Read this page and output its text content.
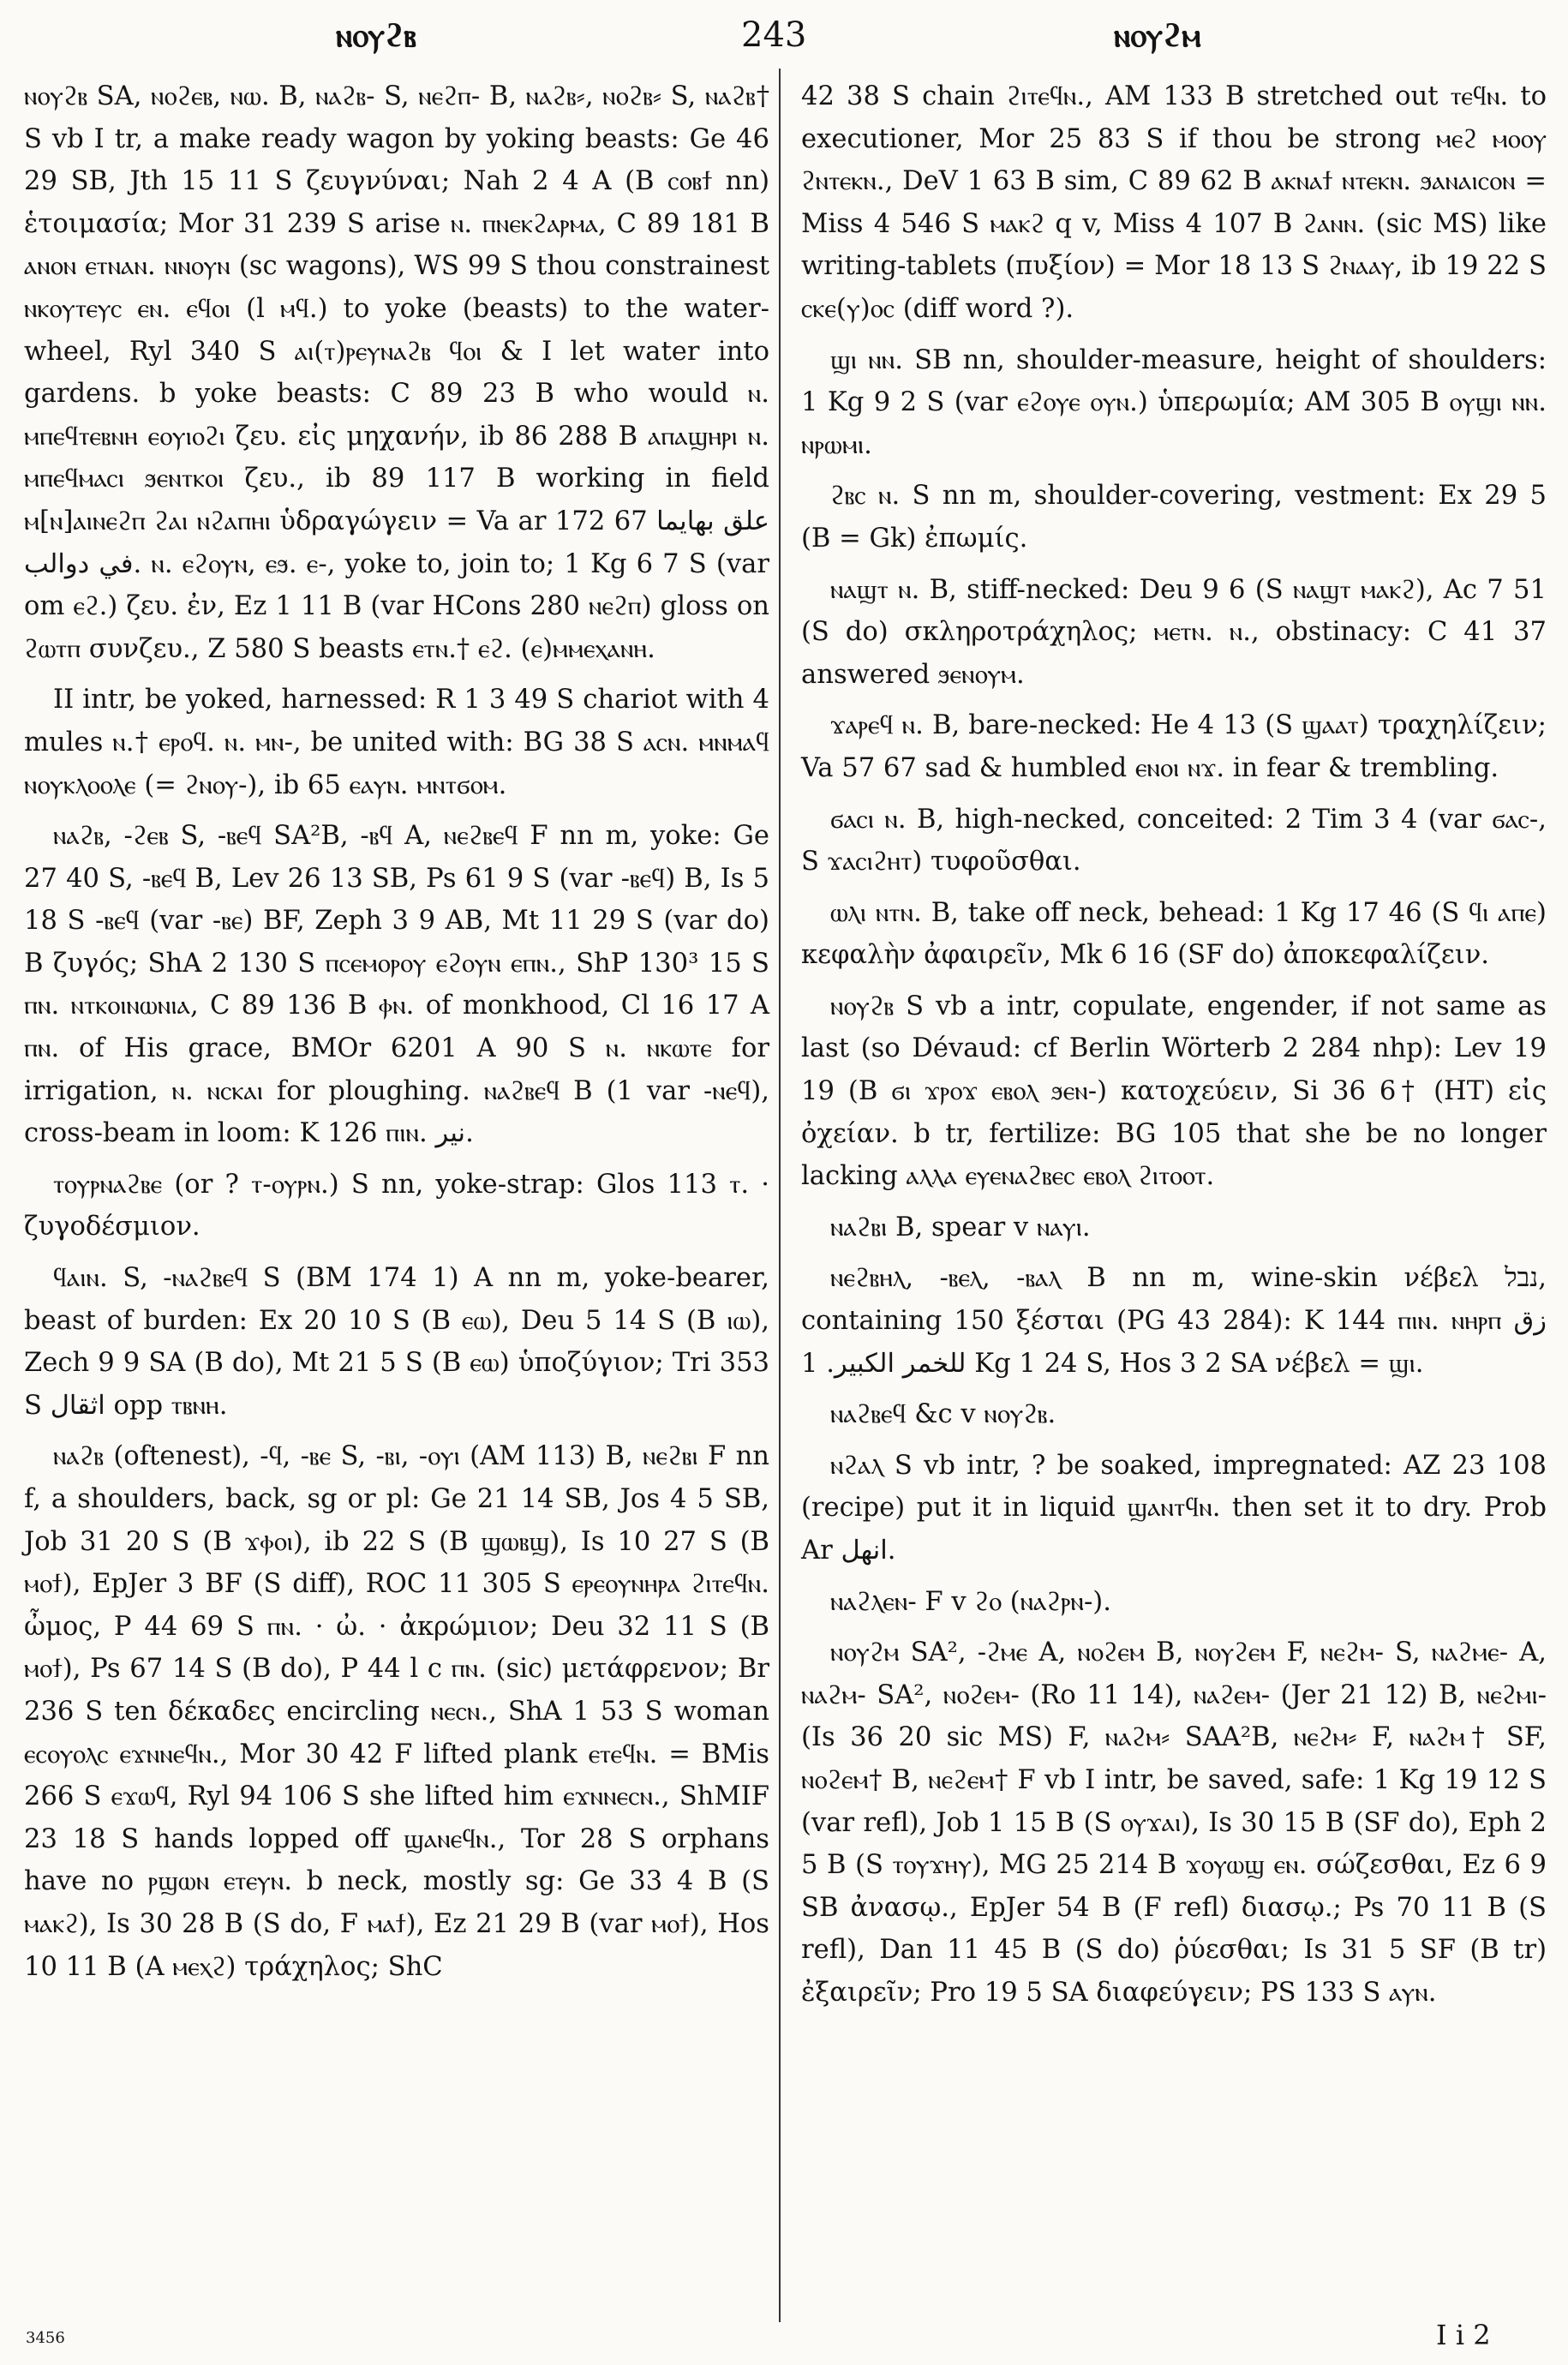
ⲛⲟⲩϩⲃ	243	ⲛⲟⲩϩⲙ

ⲛⲟⲩϩⲃ SA, ⲛⲟϩⲉⲃ, ⲛⲱ. B, ⲛⲁϩⲃ- S, ⲛⲉϩⲡ- B, ⲛⲁϩⲃ⸗, ⲛⲟϩⲃ⸗ S, ⲛⲁϩⲃ† S vb I tr, a make ready wagon by yoking beasts: Ge 46 29 SB, Jth 15 11 S ζευγνύναι; Nah 2 4 A (B ⲥⲟⲃϯ nn) ἑτοιμασία; Mor 31 239 S arise ⲛ. ⲡⲛⲉⲕϩⲁⲣⲙⲁ, C 89 181 B ⲁⲛⲟⲛ ⲉⲧⲛⲁⲛ. ⲛⲛⲟⲩⲛ (sc wagons), WS 99 S thou constrainest ⲛⲕⲟⲩⲧⲉⲩⲥ ⲉⲛ. ⲉϥⲟⲓ (l ⲙϥ.) to yoke (beasts) to the water-wheel, Ryl 340 S ⲁⲓ(ⲧ)ⲣⲉⲩⲛⲁϩⲃ ϥⲟⲓ & I let water into gardens. b yoke beasts: C 89 23 B who would ⲛ. ⲙⲡⲉϥⲧⲉⲃⲛⲏ ⲉⲟⲩⲓⲟϩⲓ ζευ. εἰς μηχανήν, ib 86 288 B ⲁⲡⲁϣⲏⲣⲓ ⲛ. ⲙⲡⲉϥⲙⲁⲥⲓ ϧⲉⲛⲧⲕⲟⲓ ζευ., ib 89 117 B working in field ⲙ[ⲛ]ⲁⲓⲛⲉϩⲡ ϩⲁⲓ ⲛϩⲁⲡⲏⲓ ὑδραγώγειν = Va ar 172 67 علق بهايما في دوالب. ⲛ. ⲉϩⲟⲩⲛ, ⲉϧ. ⲉ-, yoke to, join to; 1 Kg 6 7 S (var om ⲉϩ.) ζευ. ἐν, Ez 1 11 B (var HCons 280 ⲛⲉϩⲡ) gloss on ϩⲱⲧⲡ συνζευ., Z 580 S beasts ⲉⲧⲛ.† ⲉϩ. (ⲉ)ⲙⲙⲉⲭⲁⲛⲏ.

II intr, be yoked, harnessed: R 1 3 49 S chariot with 4 mules ⲛ.† ⲉⲣⲟϥ. ⲛ. ⲙⲛ-, be united with: BG 38 S ⲁⲥⲛ. ⲙⲛⲙⲁϥ ⲛⲟⲩⲕⲗⲟⲟⲗⲉ (= ϩⲛⲟⲩ-), ib 65 ⲉⲁⲩⲛ. ⲙⲛⲧϭⲟⲙ.

ⲛⲁϩⲃ, -ϩⲉⲃ S, -ⲃⲉϥ SA²B, -ⲃϥ A, ⲛⲉϩⲃⲉϥ F nn m, yoke: Ge 27 40 S, -ⲃⲉϥ B, Lev 26 13 SB, Ps 61 9 S (var -ⲃⲉϥ) B, Is 5 18 S -ⲃⲉϥ (var -ⲃⲉ) BF, Zeph 3 9 AB, Mt 11 29 S (var do) B ζυγός; ShA 2 130 S ⲡⲥⲉⲙⲟⲣⲟⲩ ⲉϩⲟⲩⲛ ⲉⲡⲛ., ShP 130³ 15 S ⲡⲛ. ⲛⲧⲕⲟⲓⲛⲱⲛⲓⲁ, C 89 136 B ⲫⲛ. of monkhood, Cl 16 17 A ⲡⲛ. of His grace, BMOr 6201 A 90 S ⲛ. ⲛⲕⲱⲧⲉ for irrigation, ⲛ. ⲛⲥⲕⲁⲓ for ploughing. ⲛⲁϩⲃⲉϥ B (1 var -ⲛⲉϥ), cross-beam in loom: K 126 ⲡⲓⲛ. نير.

ⲧⲟⲩⲣⲛⲁϩⲃⲉ (or ? ⲧ-ⲟⲩⲣⲛ.) S nn, yoke-strap: Glos 113 ⲧ. · ζυγοδέσμιον.

ϥⲁⲓⲛ. S, -ⲛⲁϩⲃⲉϥ S (BM 174 1) A nn m, yoke-bearer, beast of burden: Ex 20 10 S (B ⲉⲱ), Deu 5 14 S (B ⲓⲱ), Zech 9 9 SA (B do), Mt 21 5 S (B ⲉⲱ) ὑποζύγιον; Tri 353 S اثقال opp ⲧⲃⲛⲏ.

ⲛⲁϩⲃ (oftenest), -ϥ, -ⲃⲉ S, -ⲃⲓ, -ⲟⲩⲓ (AM 113) B, ⲛⲉϩⲃⲓ F nn f, a shoulders, back, sg or pl: Ge 21 14 SB, Jos 4 5 SB, Job 31 20 S (B ϫⲫⲟⲓ), ib 22 S (B ϣⲱⲃϣ), Is 10 27 S (B ⲙⲟϯ), EpJer 3 BF (S diff), ROC 11 305 S ⲉⲣⲉⲟⲩⲛⲏⲣⲁ ϩⲓⲧⲉϥⲛ. ὦμος, P 44 69 S ⲡⲛ. · ὠ. · ἀκρώμιον; Deu 32 11 S (B ⲙⲟϯ), Ps 67 14 S (B do), P 44 l c ⲡⲛ. (sic) μετάφρενον; Br 236 S ten δέκαδες encircling ⲛⲉⲥⲛ., ShA 1 53 S woman ⲉⲥⲟⲩⲟⲗⲥ ⲉϫⲛⲛⲉϥⲛ., Mor 30 42 F lifted plank ⲉⲧⲉϥⲛ. = BMis 266 S ⲉϫⲱϥ, Ryl 94 106 S she lifted him ⲉϫⲛⲛⲉⲥⲛ., ShMIF 23 18 S hands lopped off ϣⲁⲛⲉϥⲛ., Tor 28 S orphans have no ⲣϣⲱⲛ ⲉⲧⲉⲩⲛ. b neck, mostly sg: Ge 33 4 B (S ⲙⲁⲕϩ), Is 30 28 B (S do, F ⲙⲁϯ), Ez 21 29 B (var ⲙⲟϯ), Hos 10 11 B (A ⲙⲉⲭϩ) τράχηλος; ShC

42 38 S chain ϩⲓⲧⲉϥⲛ., AM 133 B stretched out ⲧⲉϥⲛ. to executioner, Mor 25 83 S if thou be strong ⲙⲉϩ ⲙⲟⲟⲩ ϩⲛⲧⲉⲕⲛ., DeV 1 63 B sim, C 89 62 B ⲁⲕⲛⲁϯ ⲛⲧⲉⲕⲛ. ϧⲁⲛⲁⲓⲥⲟⲛ = Miss 4 546 S ⲙⲁⲕϩ q v, Miss 4 107 B ϩⲁⲛⲛ. (sic MS) like writing-tablets (πυξίον) = Mor 18 13 S ϩⲛⲁⲁⲩ, ib 19 22 S ⲥⲕⲉ(ⲩ)ⲟⲥ (diff word ?).

ϣⲓ ⲛⲛ. SB nn, shoulder-measure, height of shoulders: 1 Kg 9 2 S (var ⲉϩⲟⲩⲉ ⲟⲩⲛ.) ὑπερωμία; AM 305 B ⲟⲩϣⲓ ⲛⲛ. ⲛⲣⲱⲙⲓ.

ϩⲃⲥ ⲛ. S nn m, shoulder-covering, vestment: Ex 29 5 (B = Gk) ἐπωμίς.

ⲛⲁϣⲧ ⲛ. B, stiff-necked: Deu 9 6 (S ⲛⲁϣⲧ ⲙⲁⲕϩ), Ac 7 51 (S do) σκληροτράχηλος; ⲙⲉⲧⲛ. ⲛ., obstinacy: C 41 37 answered ϧⲉⲛⲟⲩⲙ.

ϫⲁⲣⲉϥ ⲛ. B, bare-necked: He 4 13 (S ϣⲁⲁⲧ) τραχηλίζειν; Va 57 67 sad & humbled ⲉⲛⲟⲓ ⲛϫ. in fear & trembling.

ϭⲁⲥⲓ ⲛ. B, high-necked, conceited: 2 Tim 3 4 (var ϭⲁⲥ-, S ϫⲁⲥⲓϩⲏⲧ) τυφοῦσθαι.

ⲱⲗⲓ ⲛⲧⲛ. B, take off neck, behead: 1 Kg 17 46 (S ϥⲓ ⲁⲡⲉ) κεφαλὴν ἀφαιρεῖν, Mk 6 16 (SF do) ἀποκεφαλίζειν.

ⲛⲟⲩϩⲃ S vb a intr, copulate, engender, if not same as last (so Dévaud: cf Berlin Wörterb 2 284 nhp): Lev 19 19 (B ϭⲓ ϫⲣⲟϫ ⲉⲃⲟⲗ ϧⲉⲛ-) κατοχεύειν, Si 36 6† (HT) εἰς ὀχείαν. b tr, fertilize: BG 105 that she be no longer lacking ⲁⲗⲗⲁ ⲉⲩⲉⲛⲁϩⲃⲉⲥ ⲉⲃⲟⲗ ϩⲓⲧⲟⲟⲧ.

ⲛⲁϩⲃⲓ B, spear v ⲛⲁⲩⲓ.

ⲛⲉϩⲃⲏⲗ, -ⲃⲉⲗ, -ⲃⲁⲗ B nn m, wine-skin νέβελ נבל, containing 150 ξέσται (PG 43 284): K 144 ⲡⲓⲛ. ⲛⲏⲣⲡ زق للخمر الكبير. 1 Kg 1 24 S, Hos 3 2 SA νέβελ = ϣⲓ.

ⲛⲁϩⲃⲉϥ &c v ⲛⲟⲩϩⲃ.

ⲛϩⲁⲗ S vb intr, ? be soaked, impregnated: AZ 23 108 (recipe) put it in liquid ϣⲁⲛⲧϥⲛ. then set it to dry. Prob Ar انهل.

ⲛⲁϩⲗⲉⲛ- F v ϩⲟ (ⲛⲁϩⲣⲛ-).

ⲛⲟⲩϩⲙ SA², -ϩⲙⲉ A, ⲛⲟϩⲉⲙ B, ⲛⲟⲩϩⲉⲙ F, ⲛⲉϩⲙ- S, ⲛⲁϩⲙⲉ- A, ⲛⲁϩⲙ- SA², ⲛⲟϩⲉⲙ- (Ro 11 14), ⲛⲁϩⲉⲙ- (Jer 21 12) B, ⲛⲉϩⲙⲓ- (Is 36 20 sic MS) F, ⲛⲁϩⲙ⸗ SAA²B, ⲛⲉϩⲙ⸗ F, ⲛⲁϩⲙ† SF, ⲛⲟϩⲉⲙ† B, ⲛⲉϩⲉⲙ† F vb I intr, be saved, safe: 1 Kg 19 12 S (var refl), Job 1 15 B (S ⲟⲩϫⲁⲓ), Is 30 15 B (SF do), Eph 2 5 B (S ⲧⲟⲩϫⲏⲩ), MG 25 214 B ϫⲟⲩⲱϣ ⲉⲛ. σώζεσθαι, Ez 6 9 SB ἀνασῳ., EpJer 54 B (F refl) διασῳ.; Ps 70 11 B (S refl), Dan 11 45 B (S do) ῥύεσθαι; Is 31 5 SF (B tr) ἐξαιρεῖν; Pro 19 5 SA διαφεύγειν; PS 133 S ⲁⲩⲛ.

3456	I i 2
